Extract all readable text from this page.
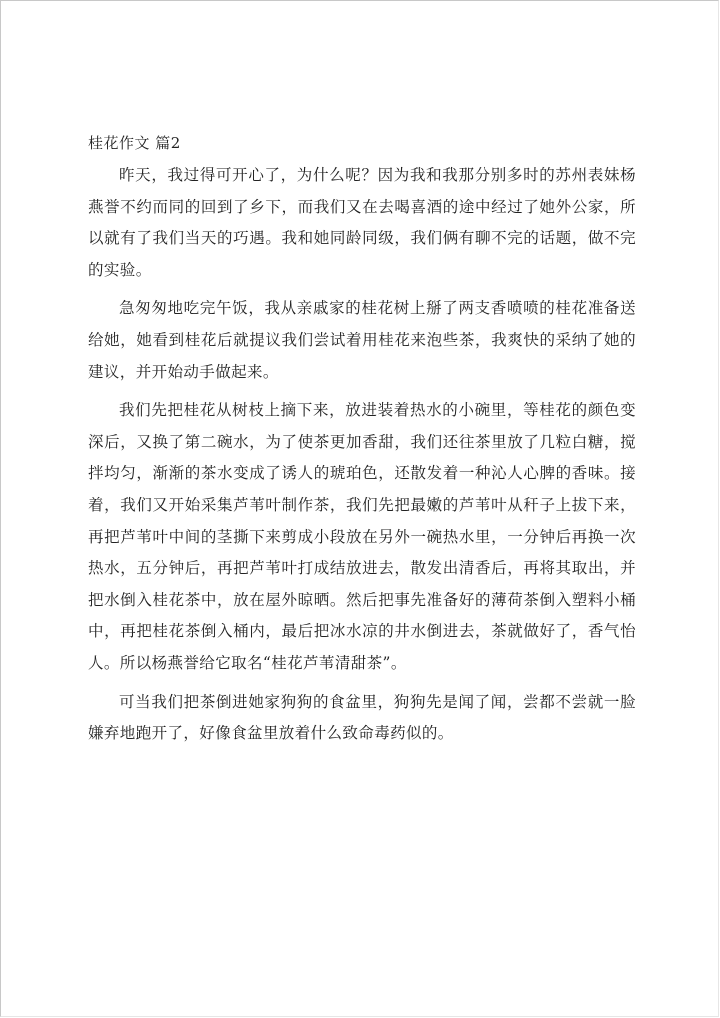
桂花作文 篇2

昨天，我过得可开心了，为什么呢？因为我和我那分别多时的苏州表妹杨燕誉不约而同的回到了乡下，而我们又在去喝喜酒的途中经过了她外公家，所以就有了我们当天的巧遇。我和她同龄同级，我们俩有聊不完的话题，做不完的实验。

急匆匆地吃完午饭，我从亲戚家的桂花树上掰了两支香喷喷的桂花准备送给她，她看到桂花后就提议我们尝试着用桂花来泡些茶，我爽快的采纳了她的建议，并开始动手做起来。

我们先把桂花从树枝上摘下来，放进装着热水的小碗里，等桂花的颜色变深后，又换了第二碗水，为了使茶更加香甜，我们还往茶里放了几粒白糖，搅拌均匀，渐渐的茶水变成了诱人的琥珀色，还散发着一种沁人心脾的香味。接着，我们又开始采集芦苇叶制作茶，我们先把最嫩的芦苇叶从秆子上拔下来，再把芦苇叶中间的茎撕下来剪成小段放在另外一碗热水里，一分钟后再换一次热水，五分钟后，再把芦苇叶打成结放进去，散发出清香后，再将其取出，并把水倒入桂花茶中，放在屋外晾晒。然后把事先准备好的薄荷茶倒入塑料小桶中，再把桂花茶倒入桶内，最后把冰水凉的井水倒进去，茶就做好了，香气怡人。所以杨燕誉给它取名“桂花芦苇清甜茶”。

可当我们把茶倒进她家狗狗的食盆里，狗狗先是闻了闻，尝都不尝就一脸嫌弃地跑开了，好像食盆里放着什么致命毒药似的。
